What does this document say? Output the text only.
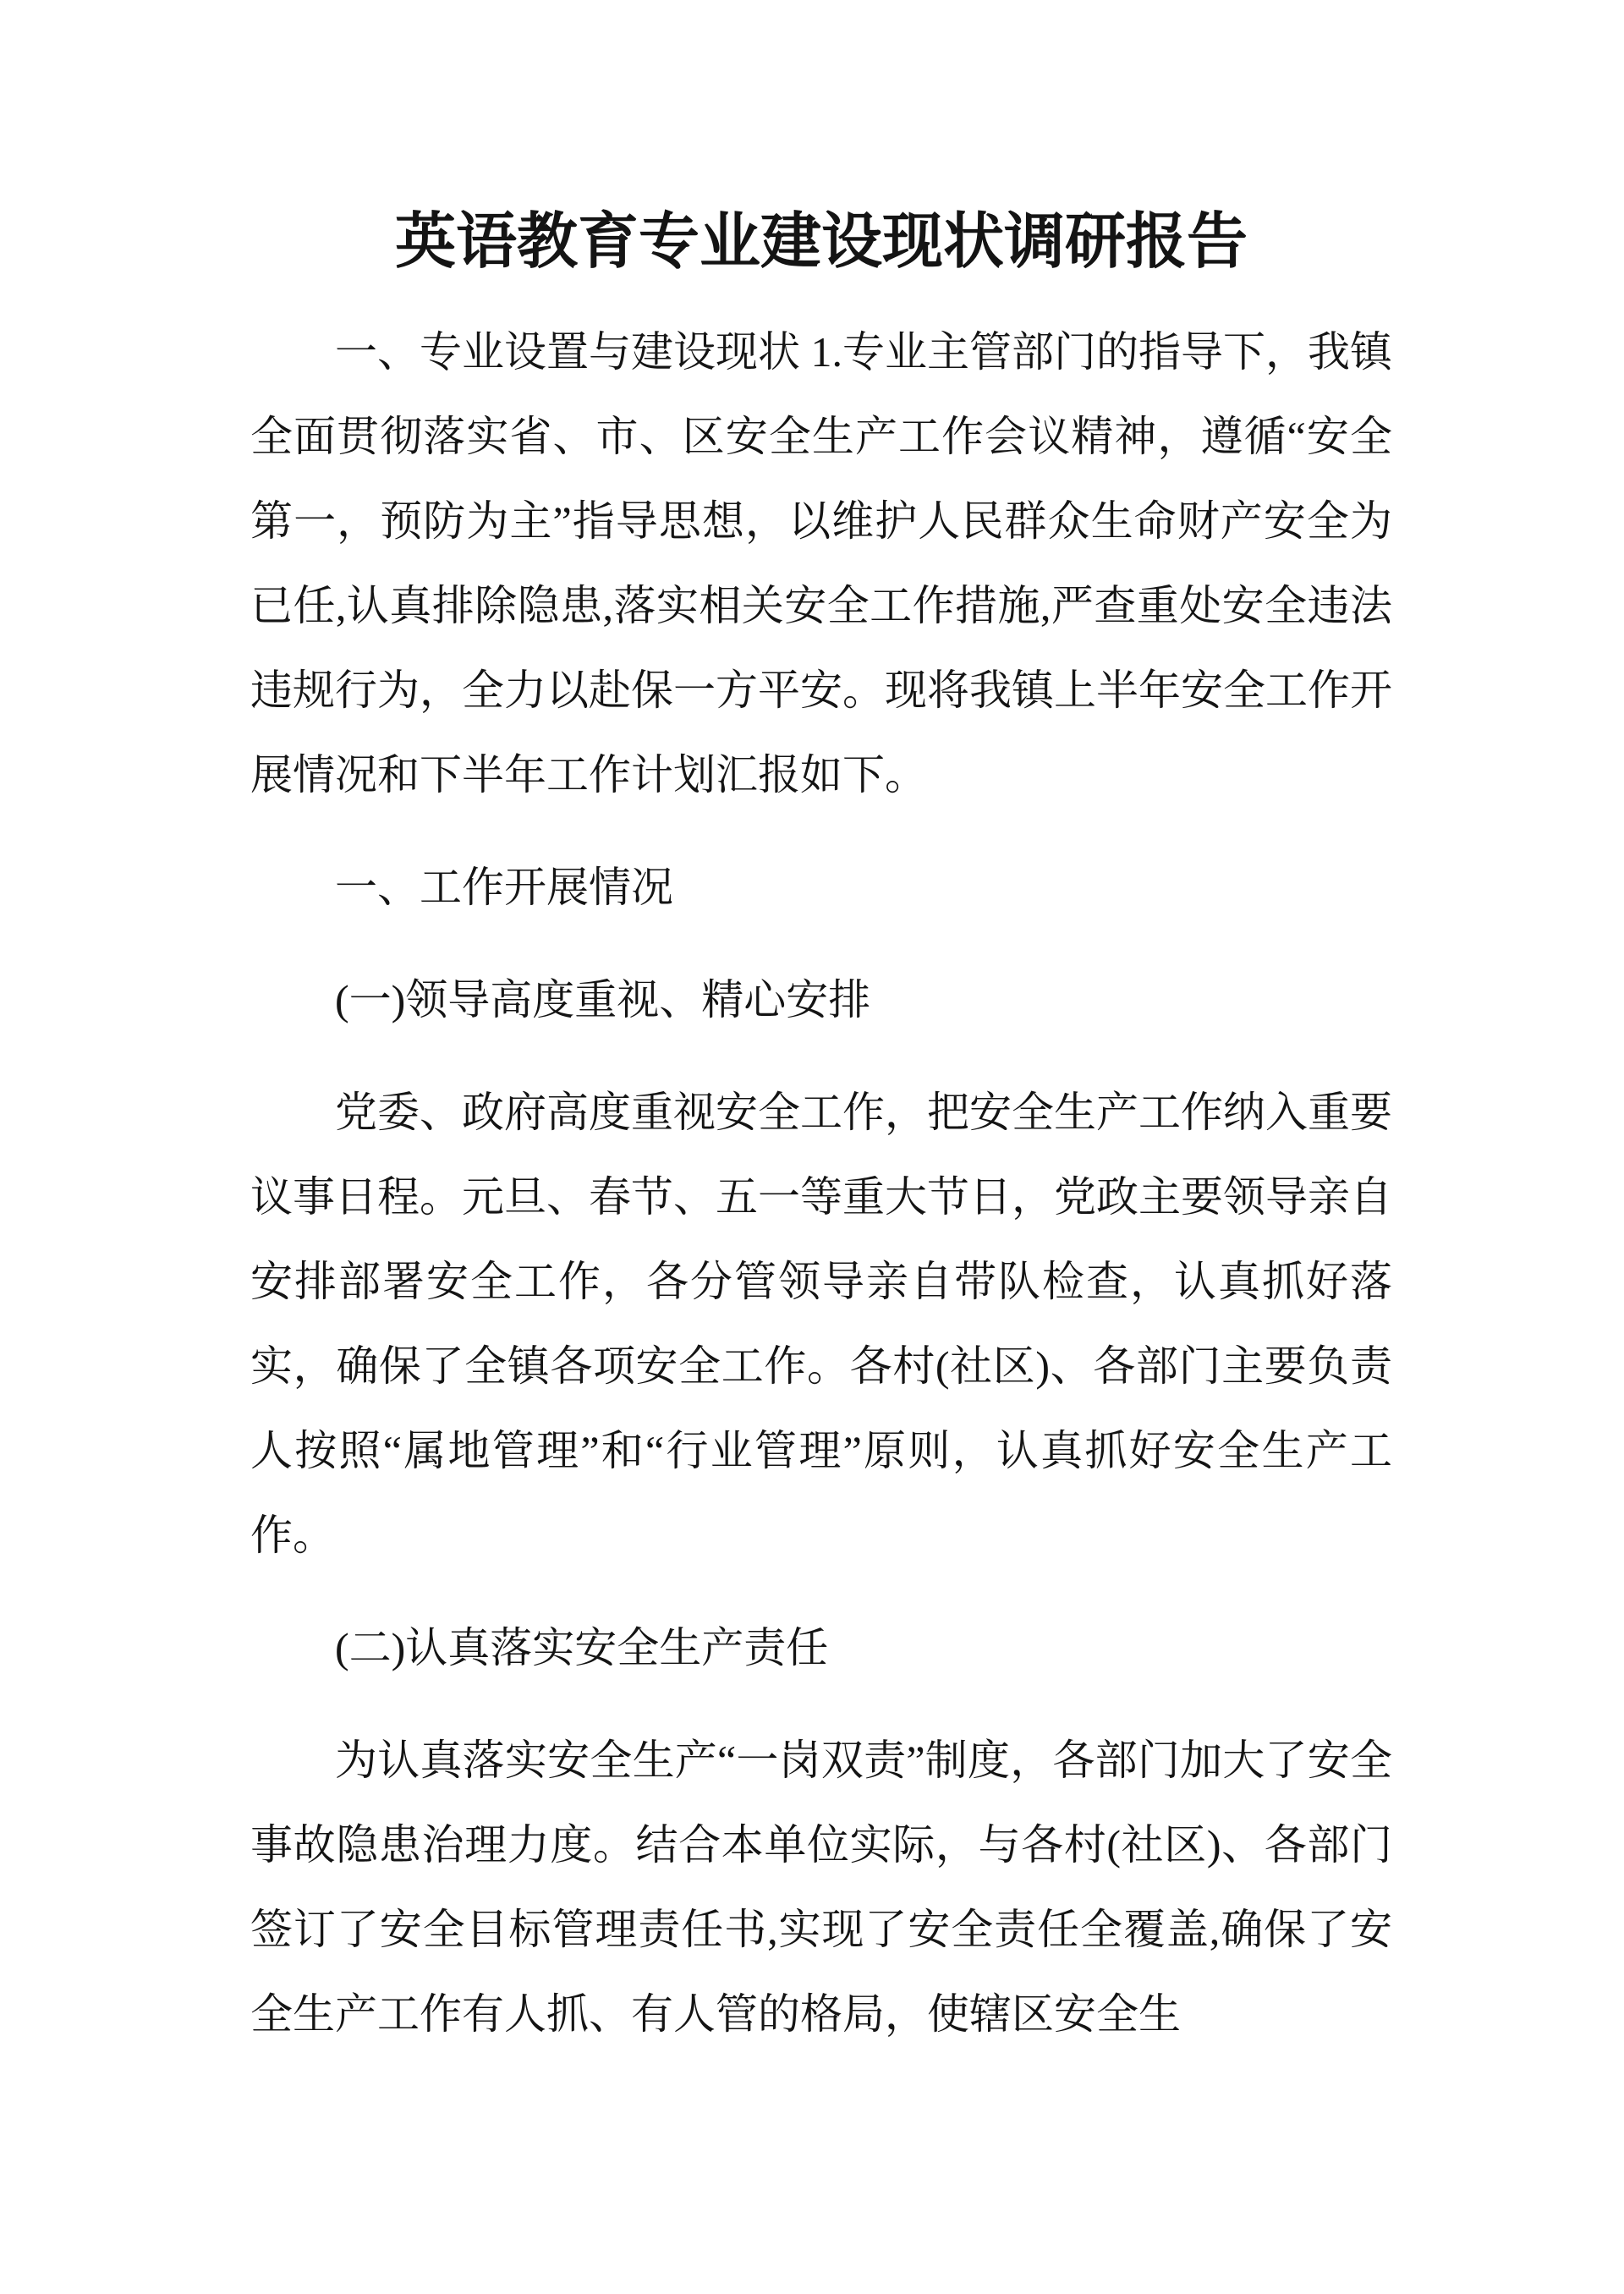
英语教育专业建设现状调研报告

一、专业设置与建设现状 1.专业主管部门的指导下，我镇全面贯彻落实省、市、区安全生产工作会议精神，遵循“安全第一，预防为主”指导思想，以维护人民群众生命财产安全为已任,认真排除隐患,落实相关安全工作措施,严查重处安全违法违规行为，全力以赴保一方平安。现将我镇上半年安全工作开展情况和下半年工作计划汇报如下。

一、工作开展情况

(一)领导高度重视、精心安排

党委、政府高度重视安全工作，把安全生产工作纳入重要议事日程。元旦、春节、五一等重大节日，党政主要领导亲自安排部署安全工作，各分管领导亲自带队检查，认真抓好落实，确保了全镇各项安全工作。各村(社区)、各部门主要负责人按照“属地管理”和“行业管理”原则，认真抓好安全生产工作。

(二)认真落实安全生产责任

为认真落实安全生产“一岗双责”制度，各部门加大了安全事故隐患治理力度。结合本单位实际，与各村(社区)、各部门签订了安全目标管理责任书,实现了安全责任全覆盖,确保了安全生产工作有人抓、有人管的格局，使辖区安全生
